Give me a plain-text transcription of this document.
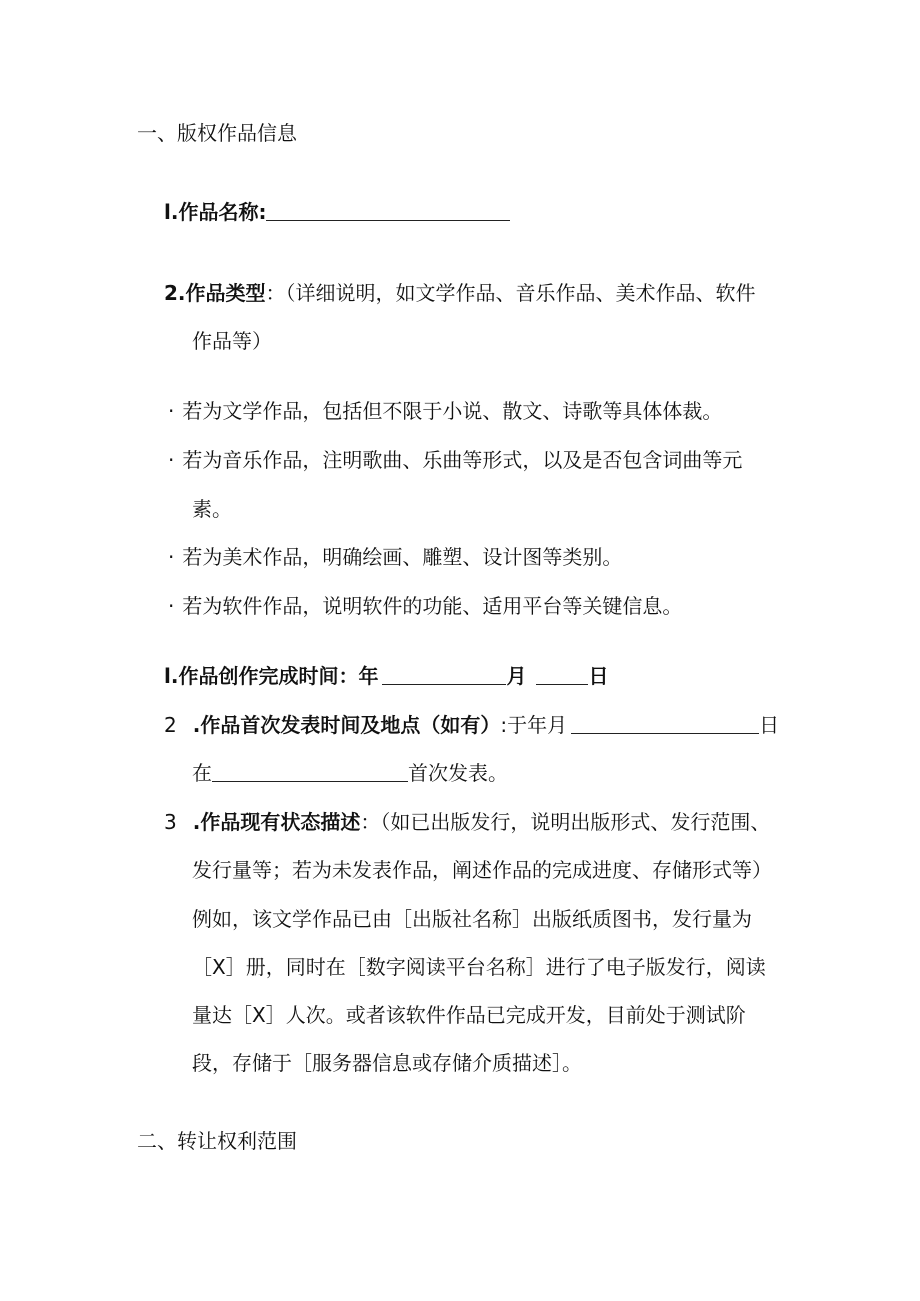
一、版权作品信息
l.作品名称:
2.作品类型：（详细说明，如文学作品、音乐作品、美术作品、软件
作品等）
· 若为文学作品，包括但不限于小说、散文、诗歌等具体体裁。
· 若为音乐作品，注明歌曲、乐曲等形式，以及是否包含词曲等元
素。
· 若为美术作品，明确绘画、雕塑、设计图等类别。
· 若为软件作品，说明软件的功能、适用平台等关键信息。
l.作品创作完成时间：年	月	日
2 .作品首次发表时间及地点（如有）:于年月	日
在	首次发表。
3 .作品现有状态描述：（如已出版发行，说明出版形式、发行范围、
发行量等；若为未发表作品，阐述作品的完成进度、存储形式等）
例如，该文学作品已由［出版社名称］出版纸质图书，发行量为
［X］册，同时在［数字阅读平台名称］进行了电子版发行，阅读
量达［X］人次。或者该软件作品已完成开发，目前处于测试阶
段，存储于［服务器信息或存储介质描述］。
二、转让权利范围
